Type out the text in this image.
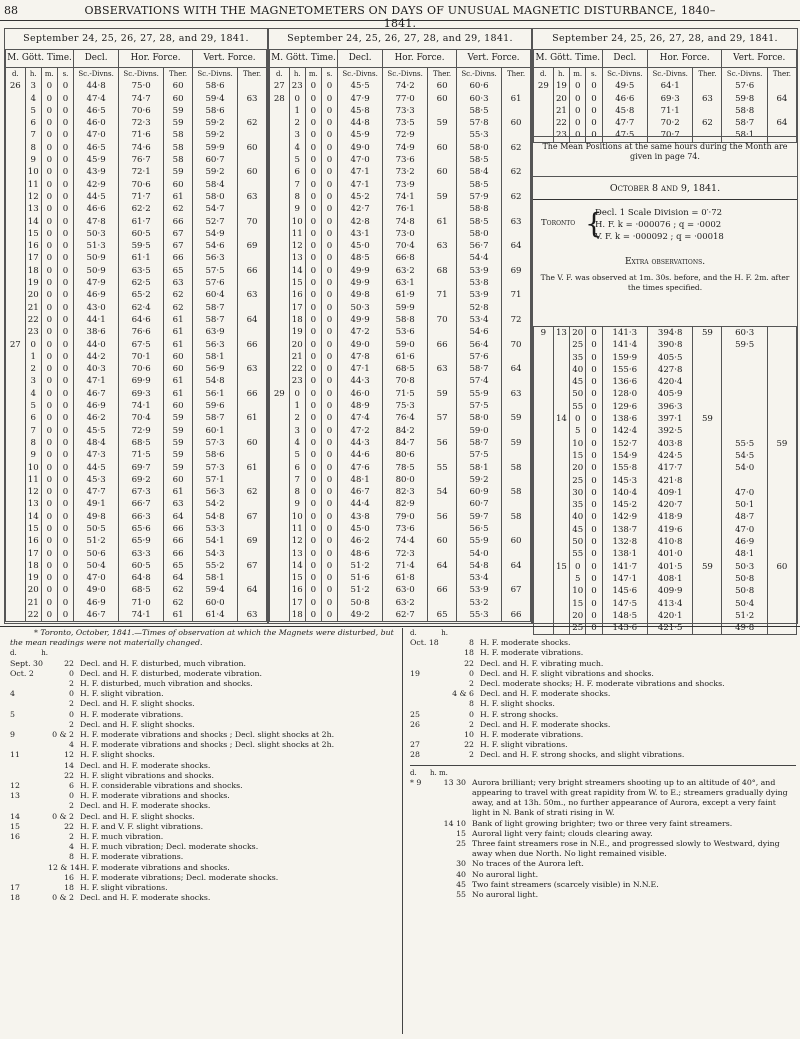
88	OBSERVATIONS WITH THE MAGNETOMETERS ON DAYS OF UNUSUAL MAGNETIC DISTURBANCE, 1840–1841.
September 24, 25, 26, 27, 28, and 29, 1841.
M. Gött. Time.				Decl.	Hor. Force.		Vert. Force.	
d.	h.	m.	s.	Sc.-Divns.	Sc.-Divns.	Ther.	Sc.-Divns.	Ther.
26	3	0	0	44·8	75·0	60	58·6	
	4	0	0	47·4	74·7	60	59·4	63
	5	0	0	46·5	70·6	59	58·6	
	6	0	0	46·0	72·3	59	59·2	62
	7	0	0	47·0	71·6	58	59·2	
	8	0	0	46·5	74·6	58	59·9	60
	9	0	0	45·9	76·7	58	60·7	
	10	0	0	43·9	72·1	59	59·2	60
	11	0	0	42·9	70·6	60	58·4	
	12	0	0	44·5	71·7	61	58·0	63
	13	0	0	46·6	62·2	62	54·7	
	14	0	0	47·8	61·7	66	52·7	70
	15	0	0	50·3	60·5	67	54·9	
	16	0	0	51·3	59·5	67	54·6	69
	17	0	0	50·9	61·1	66	56·3	
	18	0	0	50·9	63·5	65	57·5	66
	19	0	0	47·9	62·5	63	57·6	
	20	0	0	46·9	65·2	62	60·4	63
	21	0	0	43·0	62·4	62	58·7	
	22	0	0	44·1	64·6	61	58·7	64
	23	0	0	38·6	76·6	61	63·9	
27	0	0	0	44·0	67·5	61	56·3	66
	1	0	0	44·2	70·1	60	58·1	
	2	0	0	40·3	70·6	60	56·9	63
	3	0	0	47·1	69·9	61	54·8	
	4	0	0	46·7	69·3	61	56·1	66
	5	0	0	46·9	74·1	60	59·6	
	6	0	0	46·2	70·4	59	58·7	61
	7	0	0	45·5	72·9	59	60·1	
	8	0	0	48·4	68·5	59	57·3	60
	9	0	0	47·3	71·5	59	58·6	
	10	0	0	44·5	69·7	59	57·3	61
	11	0	0	45·3	69·2	60	57·1	
	12	0	0	47·7	67·3	61	56·3	62
	13	0	0	49·1	66·7	63	54·2	
	14	0	0	49·8	66·3	64	54·8	67
	15	0	0	50·5	65·6	66	53·3	
	16	0	0	51·2	65·9	66	54·1	69
	17	0	0	50·6	63·3	66	54·3	
	18	0	0	50·4	60·5	65	55·2	67
	19	0	0	47·0	64·8	64	58·1	
	20	0	0	49·0	68·5	62	59·4	64
	21	0	0	46·9	71·0	62	60·0	
	22	0	0	46·7	74·1	61	61·4	63
September 24, 25, 26, 27, 28, and 29, 1841.
M. Gött. Time.				Decl.	Hor. Force.		Vert. Force.	
d.	h.	m.	s.	Sc.-Divns.	Sc.-Divns.	Ther.	Sc.-Divns.	Ther.
27	23	0	0	45·5	74·2	60	60·6	
28	0	0	0	47·9	77·0	60	60·3	61
	1	0	0	45·8	73·3		58·5	
	2	0	0	44·8	73·5	59	57·8	60
	3	0	0	45·9	72·9		55·3	
	4	0	0	49·0	74·9	60	58·0	62
	5	0	0	47·0	73·6		58·5	
	6	0	0	47·1	73·2	60	58·4	62
	7	0	0	47·1	73·9		58·5	
	8	0	0	45·2	74·1	59	57·9	62
	9	0	0	42·7	76·1		58·8	
	10	0	0	42·8	74·8	61	58·5	63
	11	0	0	43·1	73·0		58·0	
	12	0	0	45·0	70·4	63	56·7	64
	13	0	0	48·5	66·8		54·4	
	14	0	0	49·9	63·2	68	53·9	69
	15	0	0	49·9	63·1		53·8	
	16	0	0	49·8	61·9	71	53·9	71
	17	0	0	50·3	59·9		52·8	
	18	0	0	49·9	58·8	70	53·4	72
	19	0	0	47·2	53·6		54·6	
	20	0	0	49·0	59·0	66	56·4	70
	21	0	0	47·8	61·6		57·6	
	22	0	0	47·1	68·5	63	58·7	64
	23	0	0	44·3	70·8		57·4	
29	0	0	0	46·0	71·5	59	55·9	63
	1	0	0	48·9	75·3		57·5	
	2	0	0	47·4	76·4	57	58·0	59
	3	0	0	47·2	84·2		59·0	
	4	0	0	44·3	84·7	56	58·7	59
	5	0	0	44·6	80·6		57·5	
	6	0	0	47·6	78·5	55	58·1	58
	7	0	0	48·1	80·0		59·2	
	8	0	0	46·7	82·3	54	60·9	58
	9	0	0	44·4	82·9		60·7	
	10	0	0	43·8	79·0	56	59·7	58
	11	0	0	45·0	73·6		56·5	
	12	0	0	46·2	74·4	60	55·9	60
	13	0	0	48·6	72·3		54·0	
	14	0	0	51·2	71·4	64	54·8	64
	15	0	0	51·6	61·8		53·4	
	16	0	0	51·2	63·0	66	53·9	67
	17	0	0	50·8	63·2		53·2	
	18	0	0	49·2	62·7	65	55·3	66
September 24, 25, 26, 27, 28, and 29, 1841.
M. Gött. Time.				Decl.	Hor. Force.		Vert. Force.	
d.	h.	m.	s.	Sc.-Divns.	Sc.-Divns.	Ther.	Sc.-Divns.	Ther.
29	19	0	0	49·5	64·1		57·6	
	20	0	0	46·6	69·3	63	59·8	64
	21	0	0	45·8	71·1		58·8	
	22	0	0	47·7	70·2	62	58·7	64
	23	0	0	47·5	70·7		58·1	
The Mean Positions at the same hours during the Month are given in page 74.
October 8 and 9, 1841.
Toronto {
Decl. 1 Scale Division = 0′·72
H. F. k = ·000076 ; q = ·0002
V. F. k = ·000092 ; q = ·00018
Extra observations.
The V. F. was observed at 1m. 30s. before, and the H. F. 2m. after the times specified.
9	13	20	0	141·3	394·8	59	60·3	
		25	0	141·4	390·8		59·5	
		35	0	159·9	405·5			
		40	0	155·6	427·8			
		45	0	136·6	420·4			
		50	0	128·0	405·9			
		55	0	129·6	396·3			
	14	0	0	138·6	397·1	59		
		5	0	142·4	392·5			
		10	0	152·7	403·8		55·5	59
		15	0	154·9	424·5		54·5	
		20	0	155·8	417·7		54·0	
		25	0	145·3	421·8			
		30	0	140·4	409·1		47·0	
		35	0	145·2	420·7		50·1	
		40	0	142·9	418·9		48·7	
		45	0	138·7	419·6		47·0	
		50	0	132·8	410·8		46·9	
		55	0	138·1	401·0		48·1	
	15	0	0	141·7	401·5	59	50·3	60
		5	0	147·1	408·1		50·8	
		10	0	145·6	409·9		50·8	
		15	0	147·5	413·4		50·4	
		20	0	148·5	420·1		51·2	
		25	0	143·6	421·5		49·8	
* Toronto, October, 1841.—Times of observation at which the Magnets were disturbed, but the mean readings were not materially changed.
d.	h.
Sept. 30	22 Decl. and H. F. disturbed, much vibration.
Oct. 2	0 Decl. and H. F. disturbed, moderate vibration.
2 H. F. disturbed, much vibration and shocks.
4	0 H. F. slight vibration.
2 Decl. and H. F. slight shocks.
5	0 H. F. moderate vibrations.
2 Decl. and H. F. slight shocks.
9	0 & 2 H. F. moderate vibrations and shocks ; Decl. slight shocks at 2h.
4 H. F. moderate vibrations and shocks ; Decl. slight shocks at 2h.
11	12 H. F. slight shocks.
14 Decl. and H. F. moderate shocks.
22 H. F. slight vibrations and shocks.
12	6 H. F. considerable vibrations and shocks.
13	0 H. F. moderate vibrations and shocks.
2 Decl. and H. F. moderate shocks.
14	0 & 2 Decl. and H. F. slight shocks.
15	22 H. F. and V. F. slight vibrations.
16	2 H. F. much vibration.
4 H. F. much vibration; Decl. moderate shocks.
8 H. F. moderate vibrations.
12 & 14 H. F. moderate vibrations and shocks.
16 H. F. moderate vibrations; Decl. moderate shocks.
17	18 H. F. slight vibrations.
18	0 & 2 Decl. and H. F. moderate shocks.
d.	h.
Oct. 18	8 H. F. moderate shocks.
18 H. F. moderate vibrations.
22 Decl. and H. F. vibrating much.
19	0 Decl. and H. F. slight vibrations and shocks.
2 Decl. moderate shocks; H. F. moderate vibrations and shocks.
4 & 6 Decl. and H. F. moderate shocks.
8 H. F. slight shocks.
25	0 H. F. strong shocks.
26	2 Decl. and H. F. moderate shocks.
10 H. F. moderate vibrations.
27	22 H. F. slight vibrations.
28	2 Decl. and H. F. strong shocks, and slight vibrations.
d.	h. m.
* 9	13 30 Aurora brilliant; very bright streamers shooting up to an altitude of 40°, and appearing to travel with great rapidity from W. to E.; streamers gradually dying away, and at 13h. 50m., no further appearance of Aurora, except a very faint light in N. Bank of strati rising in W.
14 10 Bank of light growing brighter; two or three very faint streamers.
15 Auroral light very faint; clouds clearing away.
25 Three faint streamers rose in N.E., and progressed slowly to Westward, dying away when due North. No light remained visible.
30 No traces of the Aurora left.
40 No auroral light.
45 Two faint streamers (scarcely visible) in N.N.E.
55 No auroral light.
